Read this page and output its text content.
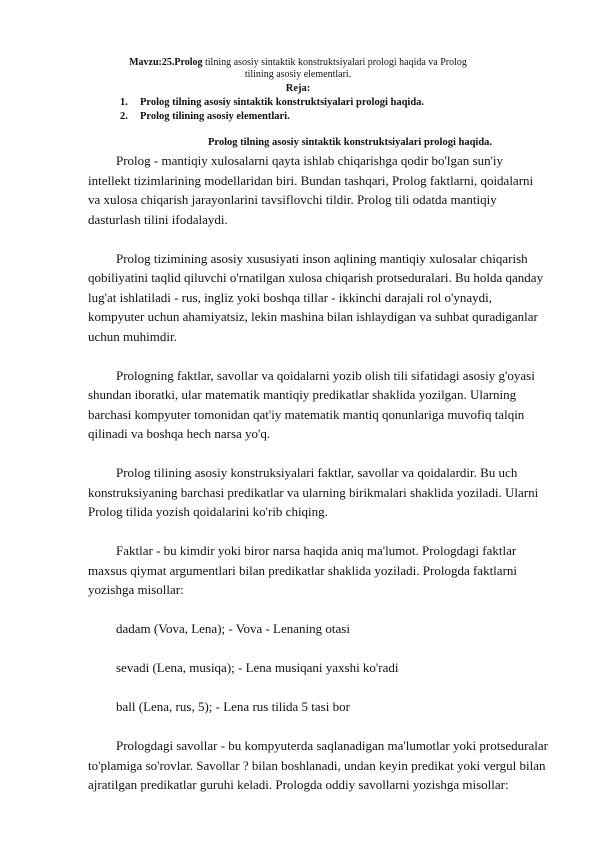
Mavzu:25.Prolog tilning asosiy sintaktik konstruktsiyalari prologi haqida va Prolog
tilining asosiy elementlari.
Reja:
1. Prolog tilning asosiy sintaktik konstruktsiyalari prologi haqida.
2. Prolog tilining asosiy elementlari.
Prolog tilning asosiy sintaktik konstruktsiyalari prologi haqida.

Prolog - mantiqiy xulosalarni qayta ishlab chiqarishga qodir bo'lgan sun'iy intellekt tizimlarining modellaridan biri. Bundan tashqari, Prolog faktlarni, qoidalarni va xulosa chiqarish jarayonlarini tavsiflovchi tildir. Prolog tili odatda mantiqiy dasturlash tilini ifodalaydi.

Prolog tizimining asosiy xususiyati inson aqlining mantiqiy xulosalar chiqarish qobiliyatini taqlid qiluvchi o'rnatilgan xulosa chiqarish protseduralari. Bu holda qanday lug'at ishlatiladi - rus, ingliz yoki boshqa tillar - ikkinchi darajali rol o'ynaydi, kompyuter uchun ahamiyatsiz, lekin mashina bilan ishlaydigan va suhbat quradiganlar uchun muhimdir.

Prologning faktlar, savollar va qoidalarni yozib olish tili sifatidagi asosiy g'oyasi shundan iboratki, ular matematik mantiqiy predikatlar shaklida yozilgan. Ularning barchasi kompyuter tomonidan qat'iy matematik mantiq qonunlariga muvofiq talqin qilinadi va boshqa hech narsa yo'q.

Prolog tilining asosiy konstruksiyalari faktlar, savollar va qoidalardir. Bu uch konstruksiyaning barchasi predikatlar va ularning birikmalari shaklida yoziladi. Ularni Prolog tilida yozish qoidalarini ko'rib chiqing.

Faktlar - bu kimdir yoki biror narsa haqida aniq ma'lumot. Prologdagi faktlar maxsus qiymat argumentlari bilan predikatlar shaklida yoziladi. Prologda faktlarni yozishga misollar:

dadam (Vova, Lena); - Vova - Lenaning otasi

sevadi (Lena, musiqa); - Lena musiqani yaxshi ko'radi

ball (Lena, rus, 5); - Lena rus tilida 5 tasi bor

Prologdagi savollar - bu kompyuterda saqlanadigan ma'lumotlar yoki protseduralar to'plamiga so'rovlar. Savollar ? bilan boshlanadi, undan keyin predikat yoki vergul bilan ajratilgan predikatlar guruhi keladi. Prologda oddiy savollarni yozishga misollar:
